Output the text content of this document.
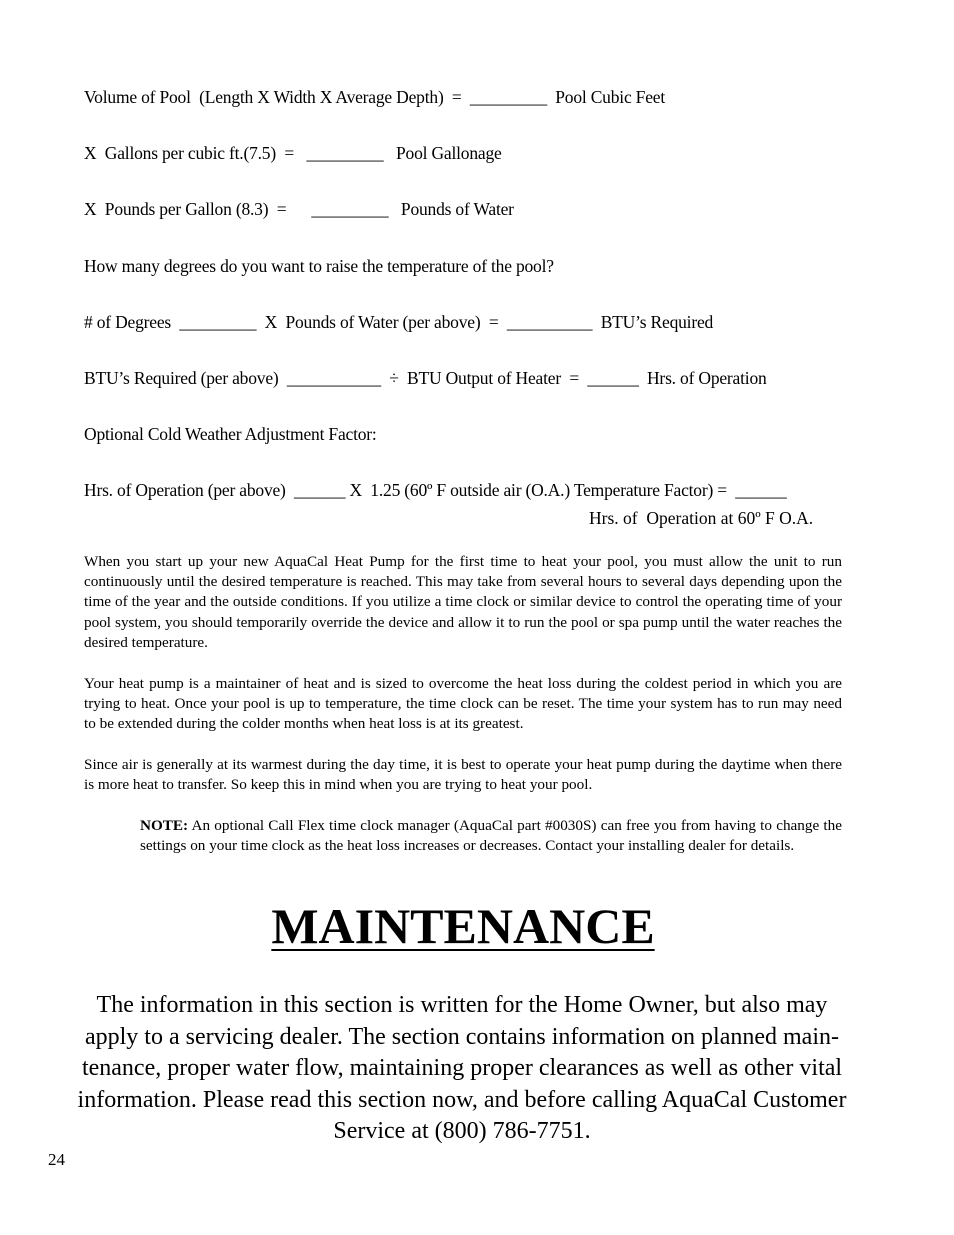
Volume of Pool  (Length X Width X Average Depth)  =  _________  Pool Cubic Feet
X  Gallons per cubic ft.(7.5)  =   _________   Pool Gallonage
X  Pounds per Gallon (8.3)  =      _________   Pounds of Water
How many degrees do you want to raise the temperature of the pool?
# of Degrees  _________  X  Pounds of Water (per above)  =  __________  BTU’s Required
BTU’s Required (per above)  ___________  ÷  BTU Output of Heater  =  ______  Hrs. of Operation
Optional Cold Weather Adjustment Factor:
Hrs. of Operation (per above)  ______ X  1.25 (60º F outside air (O.A.) Temperature Factor) =  ______
Hrs. of  Operation at 60º F O.A.

When you start up your new AquaCal Heat Pump for the first time to heat your pool, you must allow the unit to run continuously until the desired temperature is reached. This may take from several hours to several days depending upon the time of the year and the outside conditions. If you utilize a time clock or similar device to control the operating time of your pool system, you should temporarily override the device and allow it to run the pool or spa pump until the water reaches the desired temperature.

Your heat pump is a maintainer of heat and is sized to overcome the heat loss during the coldest period in which you are trying to heat. Once your pool is up to temperature, the time clock can be reset. The time your system has to run may need to be extended during the colder months when heat loss is at its greatest.

Since air is generally at its warmest during the day time, it is best to operate your heat pump during the daytime when there is more heat to transfer. So keep this in mind when you are trying to heat your pool.

NOTE: An optional Call Flex time clock manager (AquaCal part #0030S) can free you from having to change the settings on your time clock as the heat loss increases or decreases. Contact your installing dealer for details.

MAINTENANCE

The information in this section is written for the Home Owner, but also may apply to a servicing dealer. The section contains information on planned main-tenance, proper water flow, maintaining proper clearances as well as other vital information. Please read this section now, and before calling AquaCal Customer Service at (800) 786-7751.

24
